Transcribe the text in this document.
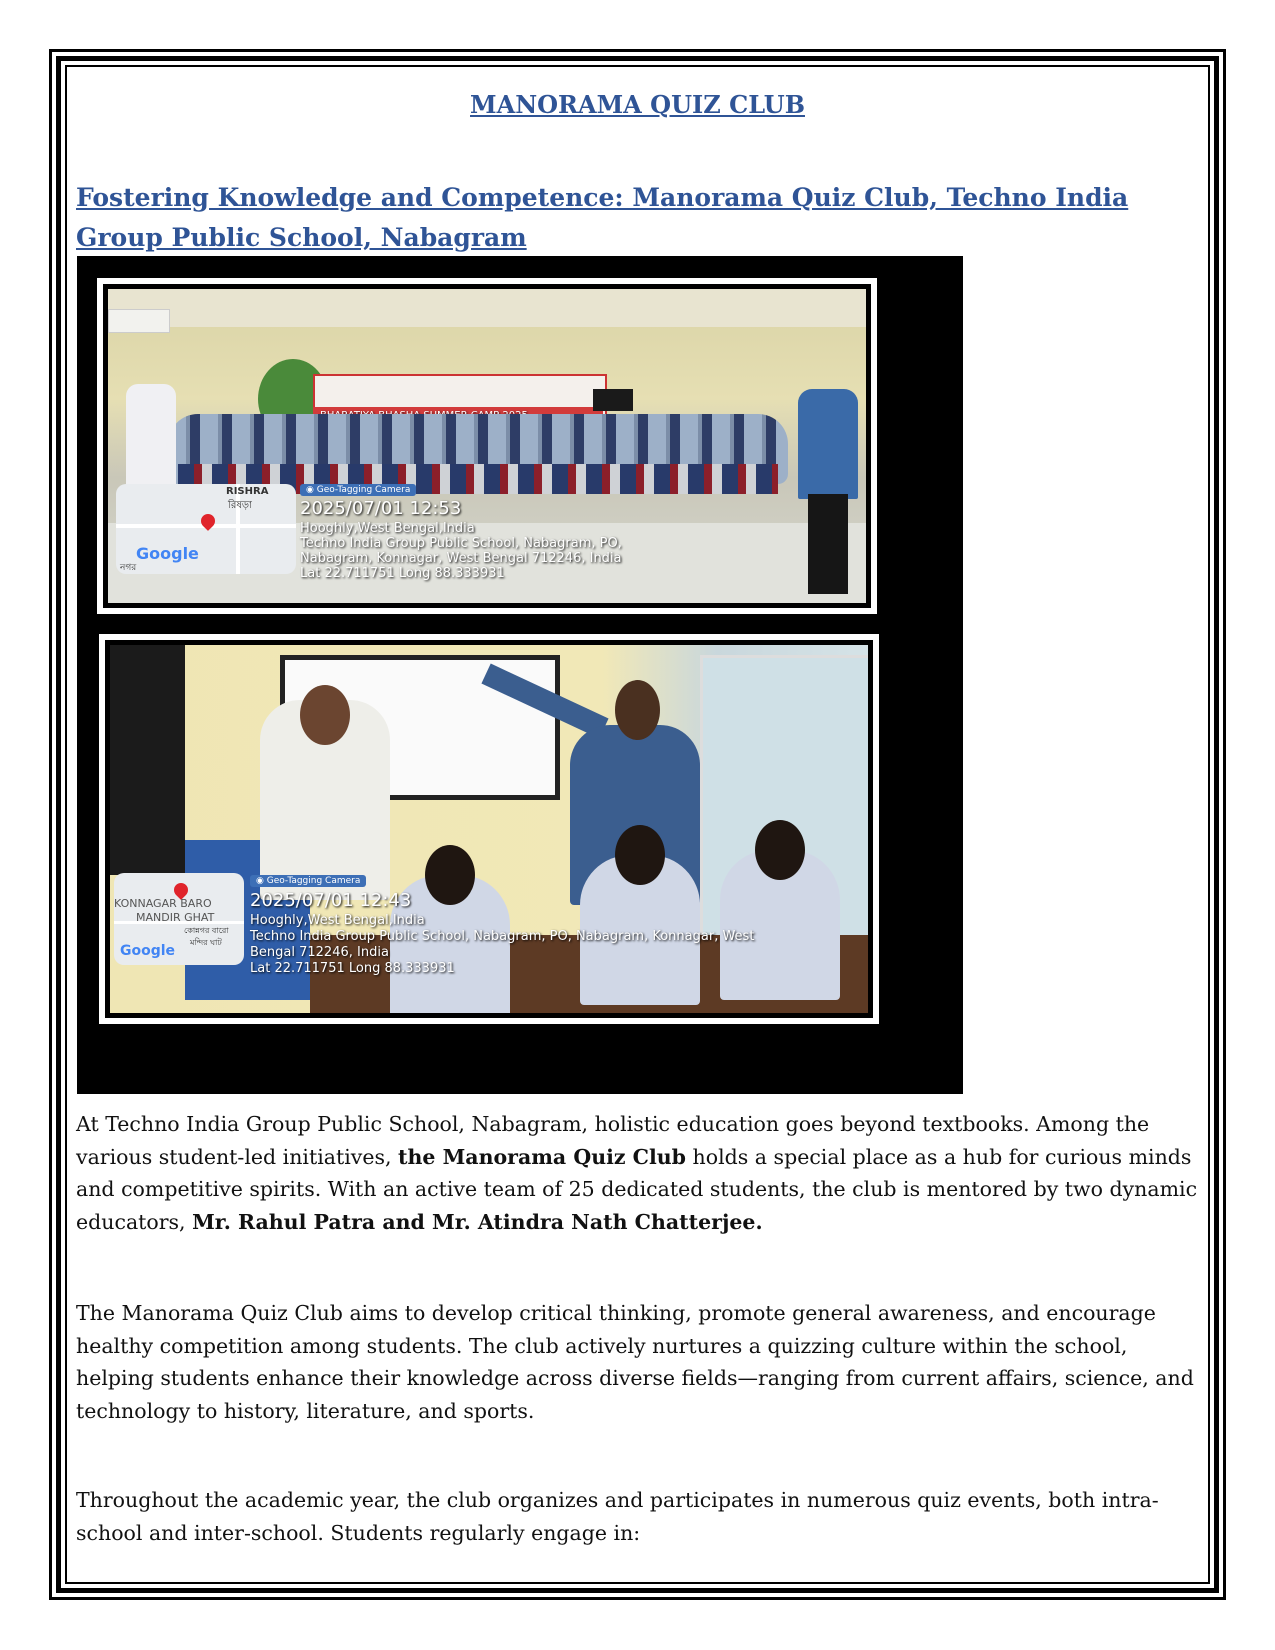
MANORAMA QUIZ CLUB
Fostering Knowledge and Competence: Manorama Quiz Club, Techno India Group Public School, Nabagram
RISHRA
রিষড়া
নগর
Google
◉ Geo-Tagging Camera
2025/07/01 12:53
Hooghly,West Bengal,India
Techno India Group Public School, Nabagram, PO,
Nabagram, Konnagar, West Bengal 712246, India
Lat 22.711751 Long 88.333931
KONNAGAR BARO
MANDIR GHAT
কোন্নগর বারো
মন্দির ঘাট
Google
◉ Geo-Tagging Camera
2025/07/01 12:43
Hooghly,West Bengal,India
Techno India Group Public School, Nabagram, PO, Nabagram, Konnagar, West
Bengal 712246, India
Lat 22.711751 Long 88.333931
At Techno India Group Public School, Nabagram, holistic education goes beyond textbooks. Among the various student-led initiatives, the Manorama Quiz Club holds a special place as a hub for curious minds and competitive spirits. With an active team of 25 dedicated students, the club is mentored by two dynamic educators, Mr. Rahul Patra and Mr. Atindra Nath Chatterjee.
The Manorama Quiz Club aims to develop critical thinking, promote general awareness, and encourage healthy competition among students. The club actively nurtures a quizzing culture within the school, helping students enhance their knowledge across diverse fields—ranging from current affairs, science, and technology to history, literature, and sports.
Throughout the academic year, the club organizes and participates in numerous quiz events, both intra-school and inter-school. Students regularly engage in:
